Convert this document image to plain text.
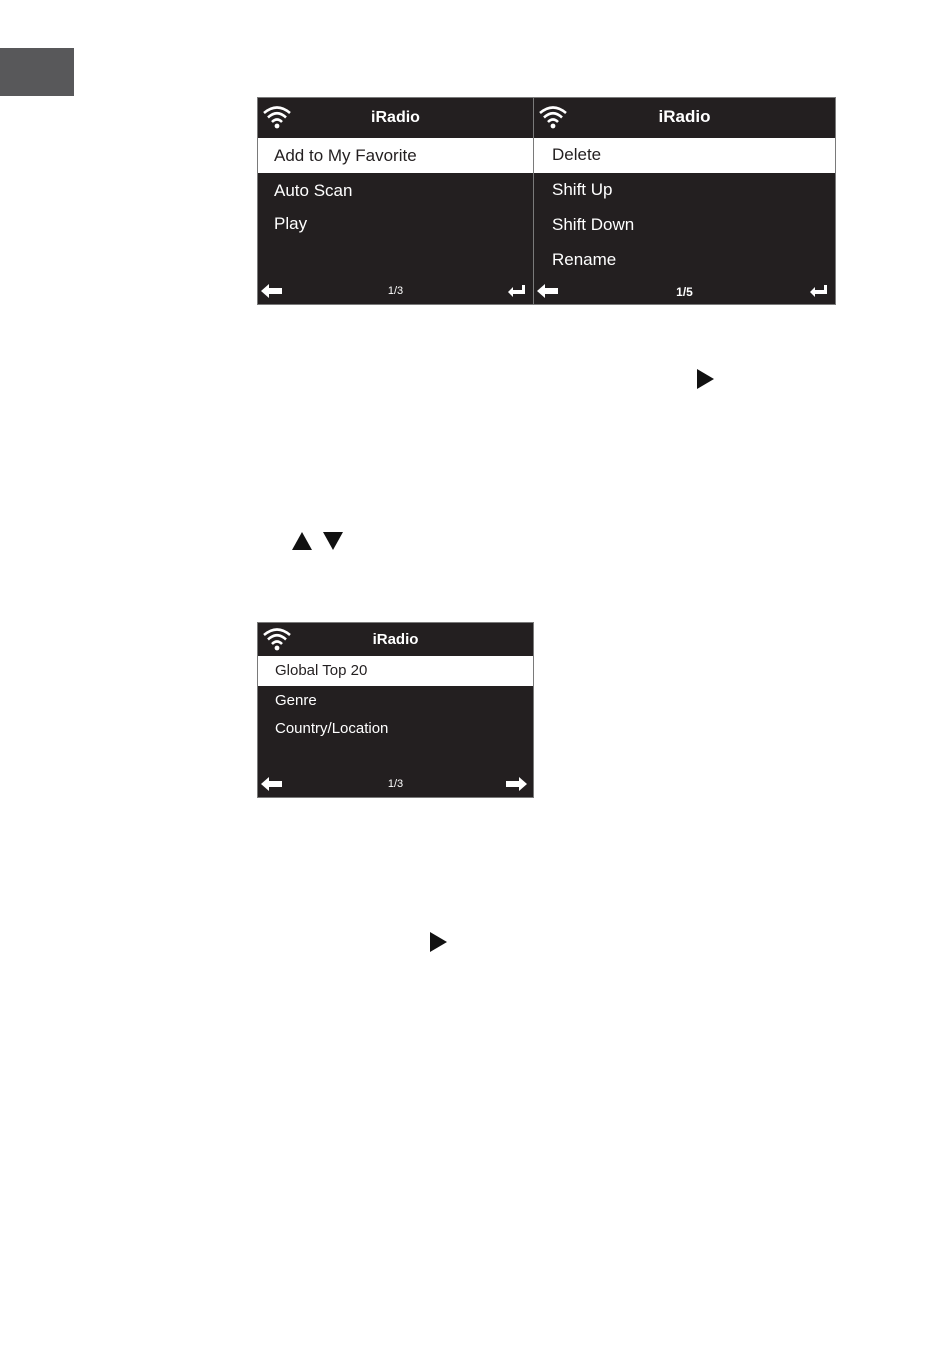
iRadio
Add to My Favorite
Auto Scan
Play
1/3
iRadio
Delete
Shift Up
Shift Down
Rename
1/5
iRadio
Global Top 20
Genre
Country/Location
1/3
